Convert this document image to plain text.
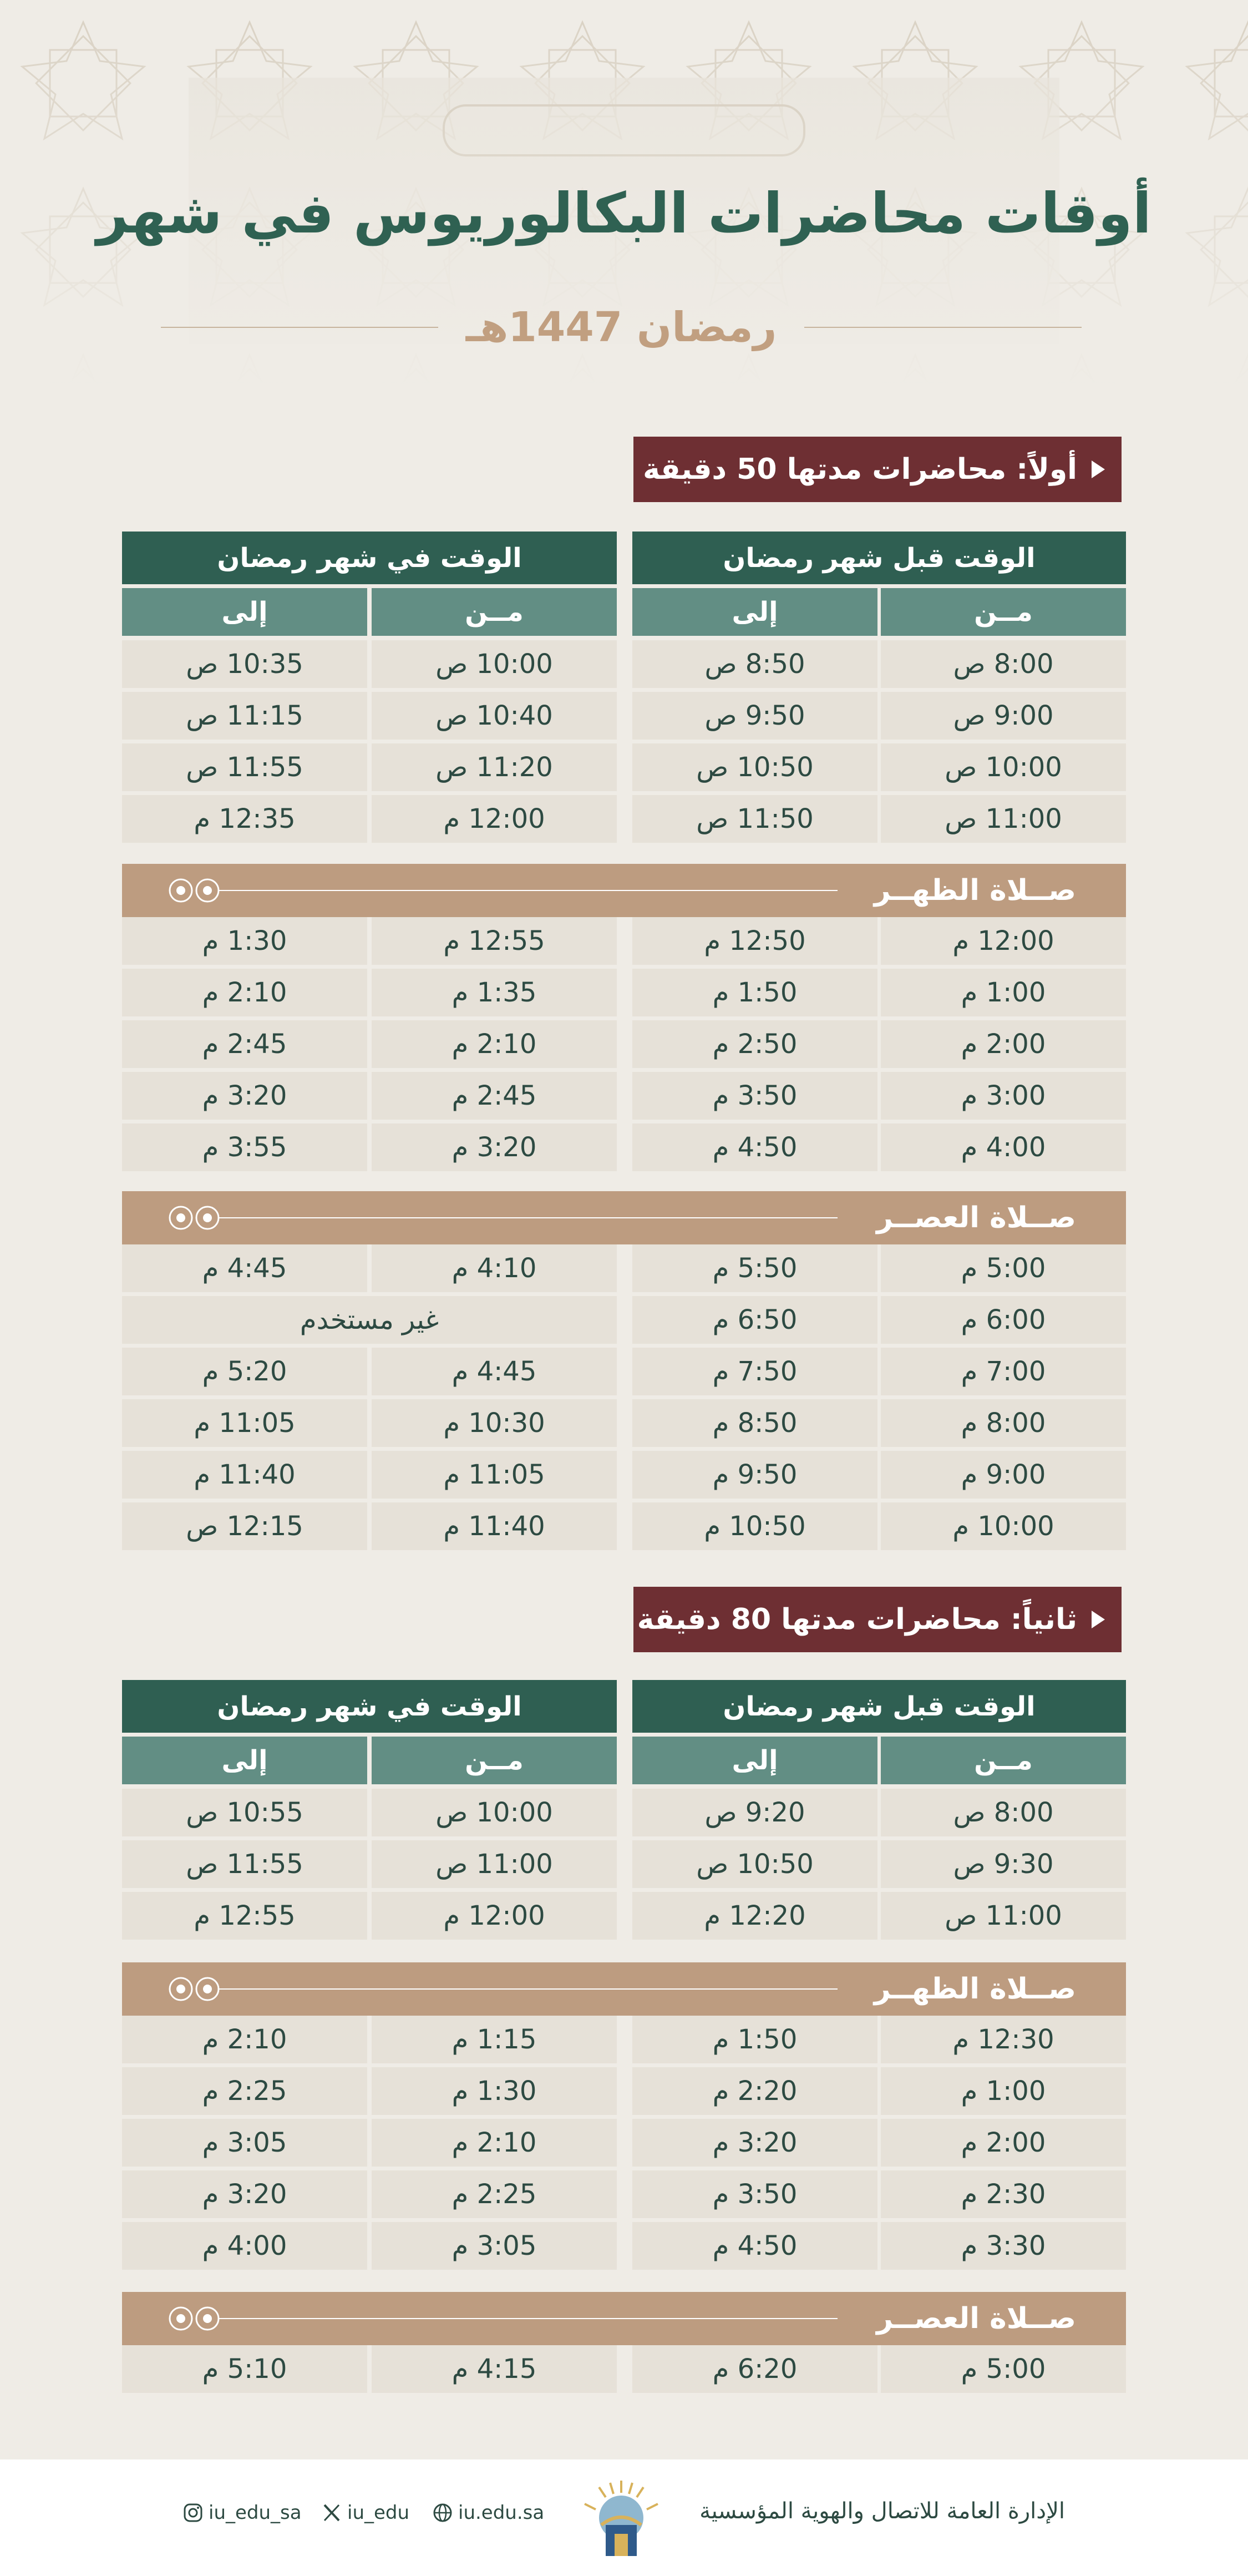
أوقات محاضرات البكالوريوس في شهر
رمضان 1447هـ
أولاً: محاضرات مدتها 50 دقيقة
الوقت قبل شهر رمضان
الوقت في شهر رمضان
مــن
إلى
مــن
إلى
8:00 ص
8:50 ص
10:00 ص
10:35 ص
9:00 ص
9:50 ص
10:40 ص
11:15 ص
10:00 ص
10:50 ص
11:20 ص
11:55 ص
11:00 ص
11:50 ص
12:00 م
12:35 م
12:00 م
12:50 م
12:55 م
1:30 م
1:00 م
1:50 م
1:35 م
2:10 م
2:00 م
2:50 م
2:10 م
2:45 م
3:00 م
3:50 م
2:45 م
3:20 م
4:00 م
4:50 م
3:20 م
3:55 م
5:00 م
5:50 م
4:10 م
4:45 م
6:00 م
6:50 م
غير مستخدم
7:00 م
7:50 م
4:45 م
5:20 م
8:00 م
8:50 م
10:30 م
11:05 م
9:00 م
9:50 م
11:05 م
11:40 م
10:00 م
10:50 م
11:40 م
12:15 ص
صــلاة الظهــر
صــلاة العصــر
ثانياً: محاضرات مدتها 80 دقيقة
الوقت قبل شهر رمضان
الوقت في شهر رمضان
مــن
إلى
مــن
إلى
8:00 ص
9:20 ص
10:00 ص
10:55 ص
9:30 ص
10:50 ص
11:00 ص
11:55 ص
11:00 ص
12:20 م
12:00 م
12:55 م
12:30 م
1:50 م
1:15 م
2:10 م
1:00 م
2:20 م
1:30 م
2:25 م
2:00 م
3:20 م
2:10 م
3:05 م
2:30 م
3:50 م
2:25 م
3:20 م
3:30 م
4:50 م
3:05 م
4:00 م
5:00 م
6:20 م
4:15 م
5:10 م
صــلاة الظهــر
صــلاة العصــر
الإدارة العامة للاتصال والهوية المؤسسية
iu.edu.sa
iu_edu
iu_edu_sa
